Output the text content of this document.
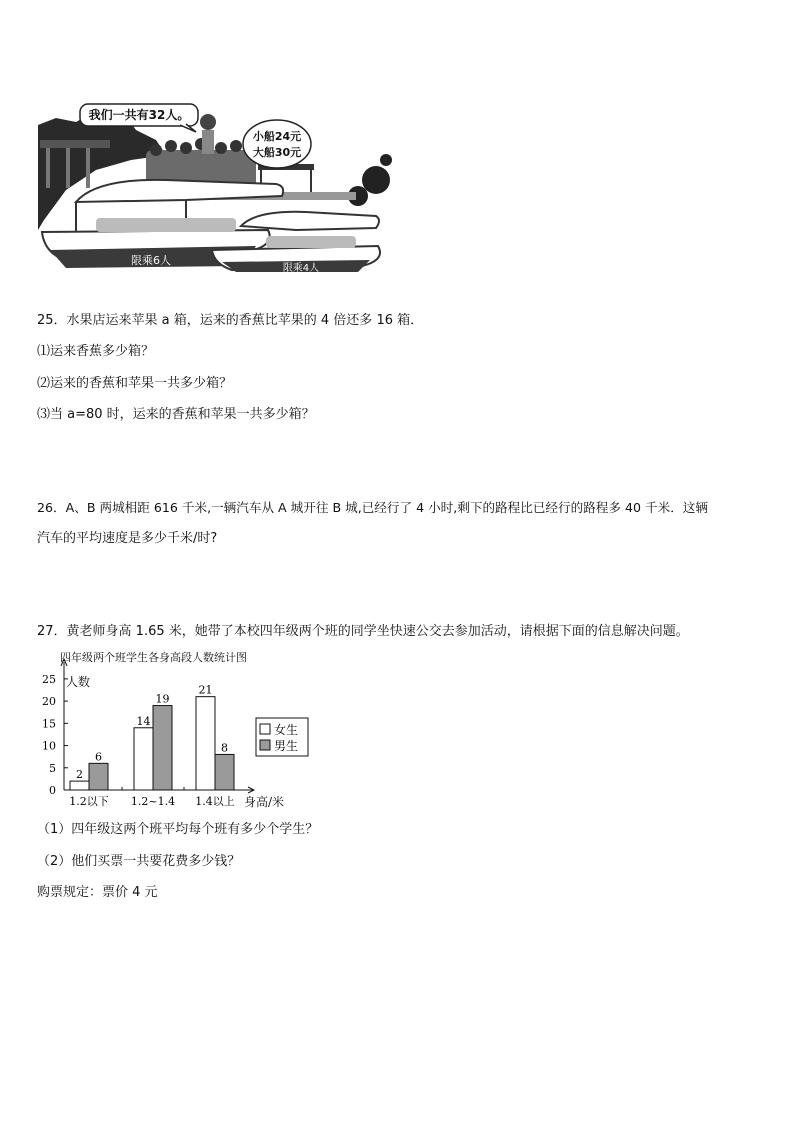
我们一共有32人。
小船24元
大船30元
限乘6人
限乘4人
25．水果店运来苹果 a 箱，运来的香蕉比苹果的 4 倍还多 16 箱．
⑴运来香蕉多少箱？
⑵运来的香蕉和苹果一共多少箱？
⑶当 a=80 时，运来的香蕉和苹果一共多少箱？
26．A、B 两城相距 616 千米,一辆汽车从 A 城开往 B 城,已经行了 4 小时,剩下的路程比已经行的路程多 40 千米．这辆
汽车的平均速度是多少千米/时?
27．黄老师身高 1.65 米，她带了本校四年级两个班的同学坐快速公交去参加活动，请根据下面的信息解决问题。
四年级两个班学生各身高段人数统计图
人数
身高/米
0
5
10
15
20
25
2
6
14
19
21
8
1.2以下 1.2~1.4 1.4以上
女生
男生
（1）四年级这两个班平均每个班有多少个学生？
（2）他们买票一共要花费多少钱？
购票规定：票价 4 元
